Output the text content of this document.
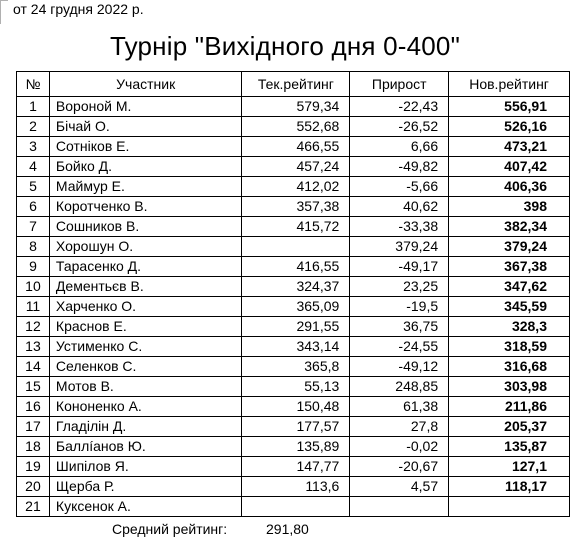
от 24 грудня 2022 р.
Турнір "Вихідного дня 0-400"
№	Участник	Тек.рейтинг	Прирост	Нов.рейтинг
1	Вороной М.	579,34	-22,43	556,91
2	Бічай О.	552,68	-26,52	526,16
3	Сотніков Е.	466,55	6,66	473,21
4	Бойко Д.	457,24	-49,82	407,42
5	Маймур Е.	412,02	-5,66	406,36
6	Коротченко В.	357,38	40,62	398
7	Сошников В.	415,72	-33,38	382,34
8	Хорошун О.		379,24	379,24
9	Тарасенко Д.	416,55	-49,17	367,38
10	Дементьєв В.	324,37	23,25	347,62
11	Харченко О.	365,09	-19,5	345,59
12	Краснов Е.	291,55	36,75	328,3
13	Устименко С.	343,14	-24,55	318,59
14	Селенков С.	365,8	-49,12	316,68
15	Мотов В.	55,13	248,85	303,98
16	Кононенко А.	150,48	61,38	211,86
17	Гладілін Д.	177,57	27,8	205,37
18	Баллíанов Ю.	135,89	-0,02	135,87
19	Шипілов Я.	147,77	-20,67	127,1
20	Щерба Р.	113,6	4,57	118,17
21	Куксенок А.			
Средний рейтинг:	291,80
